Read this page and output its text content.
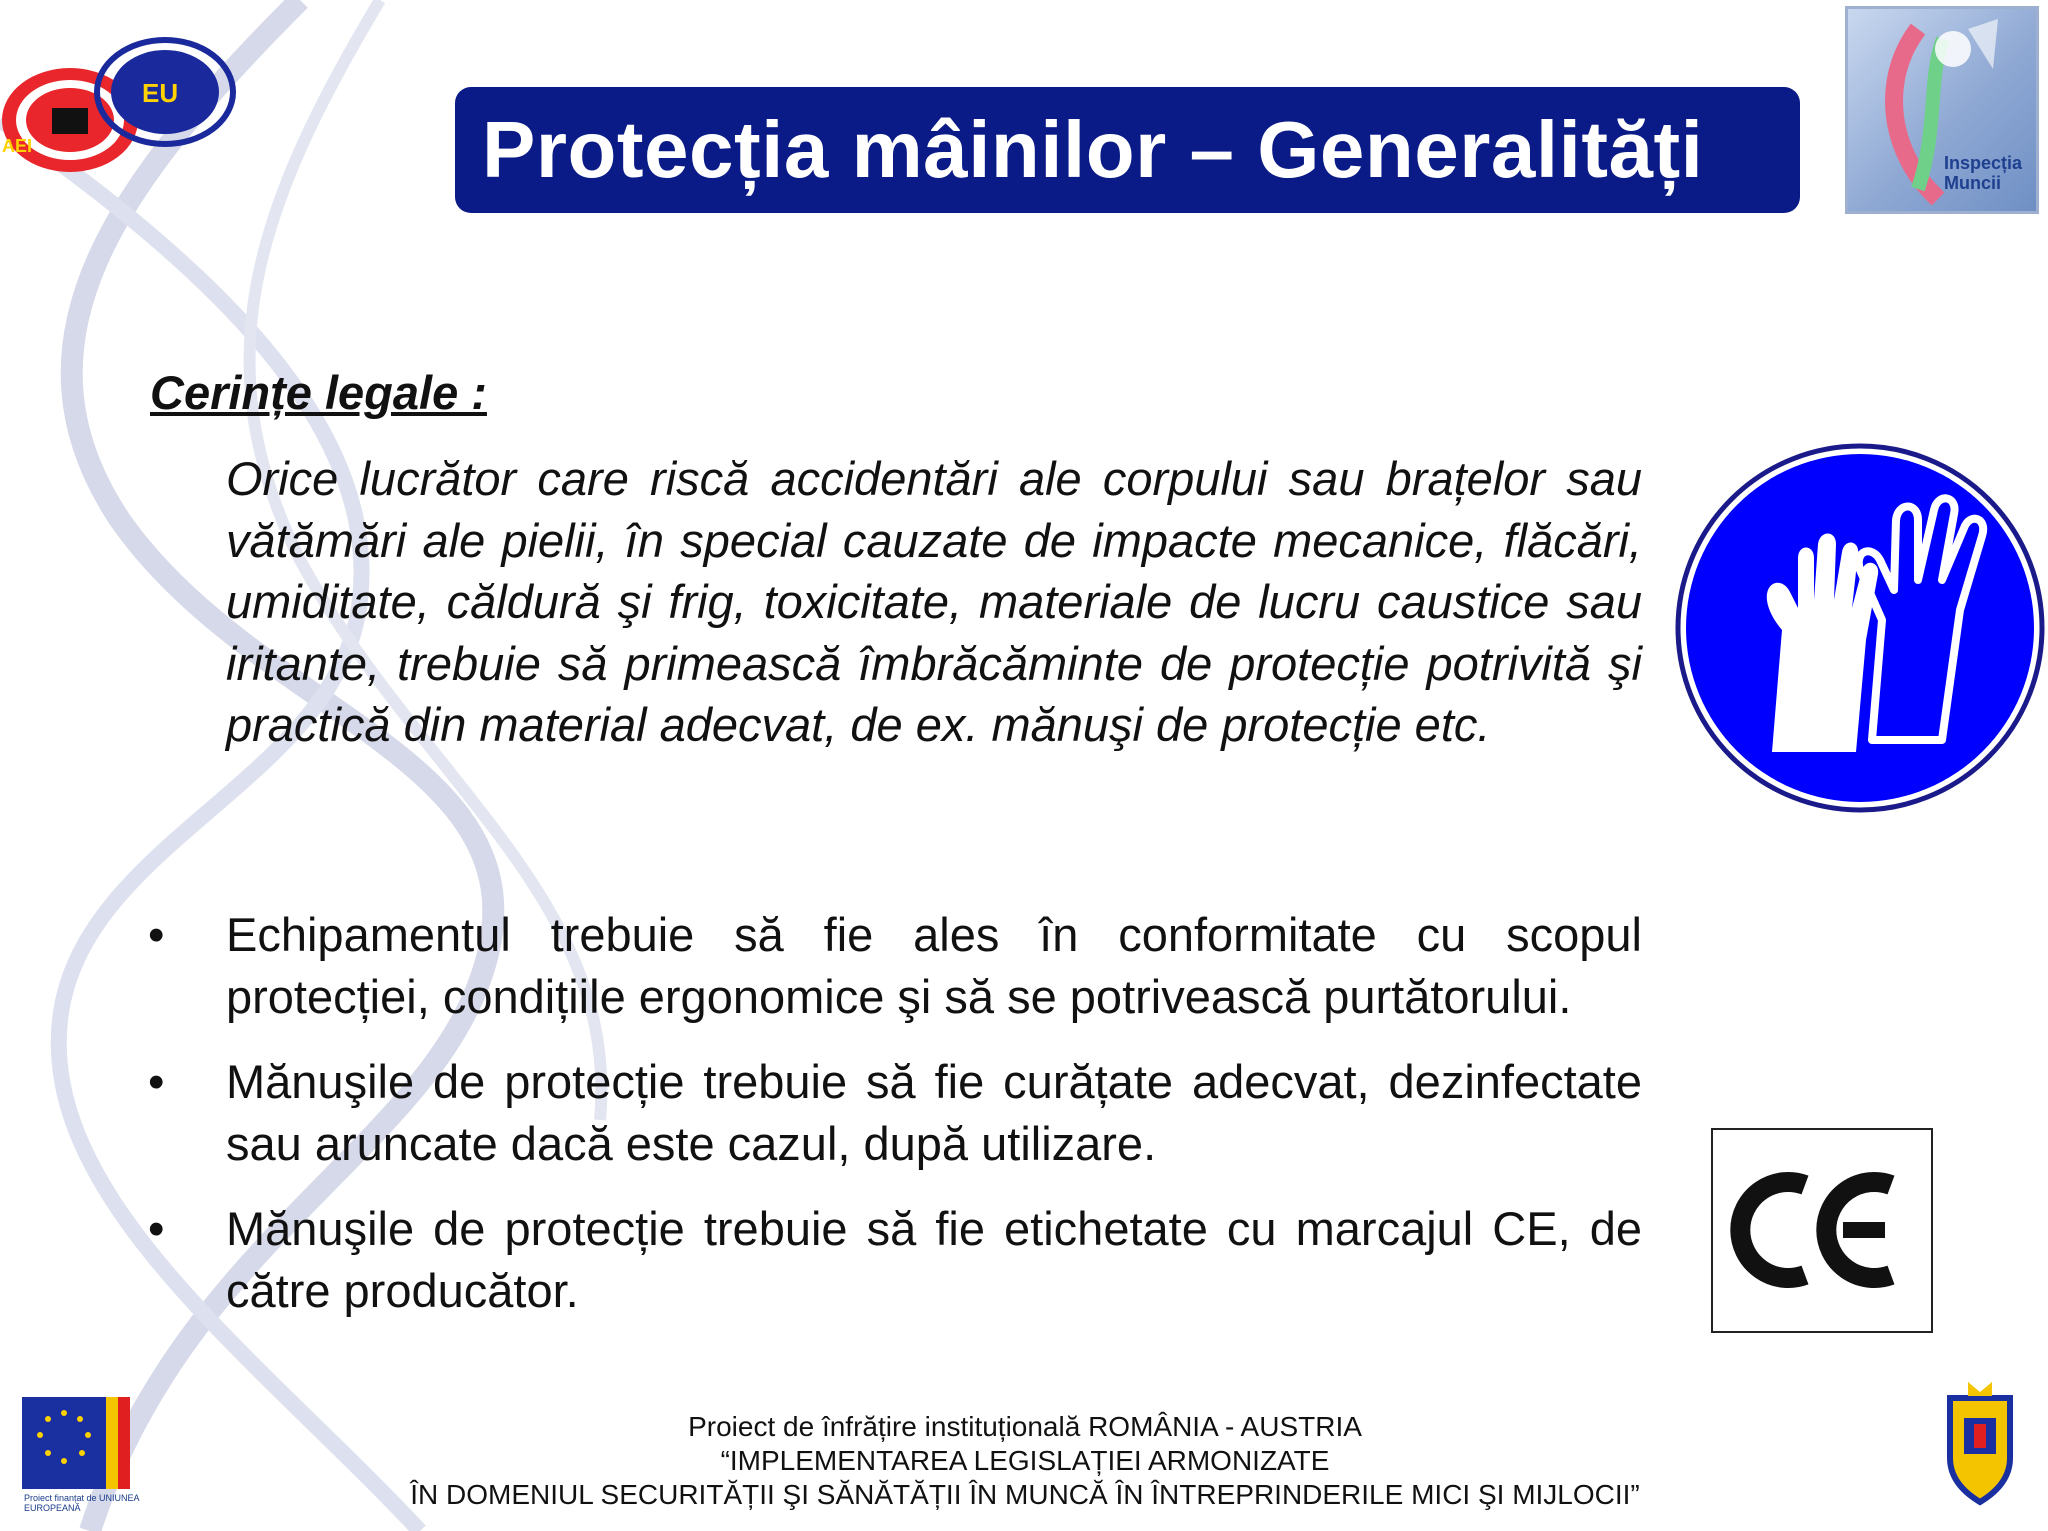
EU
AEI	Protecția mâinilor – Generalități	Inspecția
Muncii
Cerințe legale :

Orice lucrător care riscă accidentări ale corpului sau brațelor sau vătămări ale pielii, în special cauzate de impacte mecanice, flăcări, umiditate, căldură şi frig, toxicitate, materiale de lucru caustice sau iritante, trebuie să primească îmbrăcăminte de protecție potrivită şi practică din material adecvat, de ex. mănuşi de protecție etc.

• Echipamentul trebuie să fie ales în conformitate cu scopul protecției, condițiile ergonomice şi să se potrivească purtătorului.
• Mănuşile de protecție trebuie să fie curățate adecvat, dezinfectate sau aruncate dacă este cazul, după utilizare.
• Mănuşile de protecție trebuie să fie etichetate cu marcajul CE, de către producător.
Proiect finanțat de UNIUNEA EUROPEANĂ
Proiect de înfrățire instituțională ROMÂNIA - AUSTRIA
“IMPLEMENTAREA LEGISLAȚIEI ARMONIZATE
ÎN DOMENIUL SECURITĂȚII ŞI SĂNĂTĂȚII ÎN MUNCĂ ÎN ÎNTREPRINDERILE MICI ŞI MIJLOCII”
